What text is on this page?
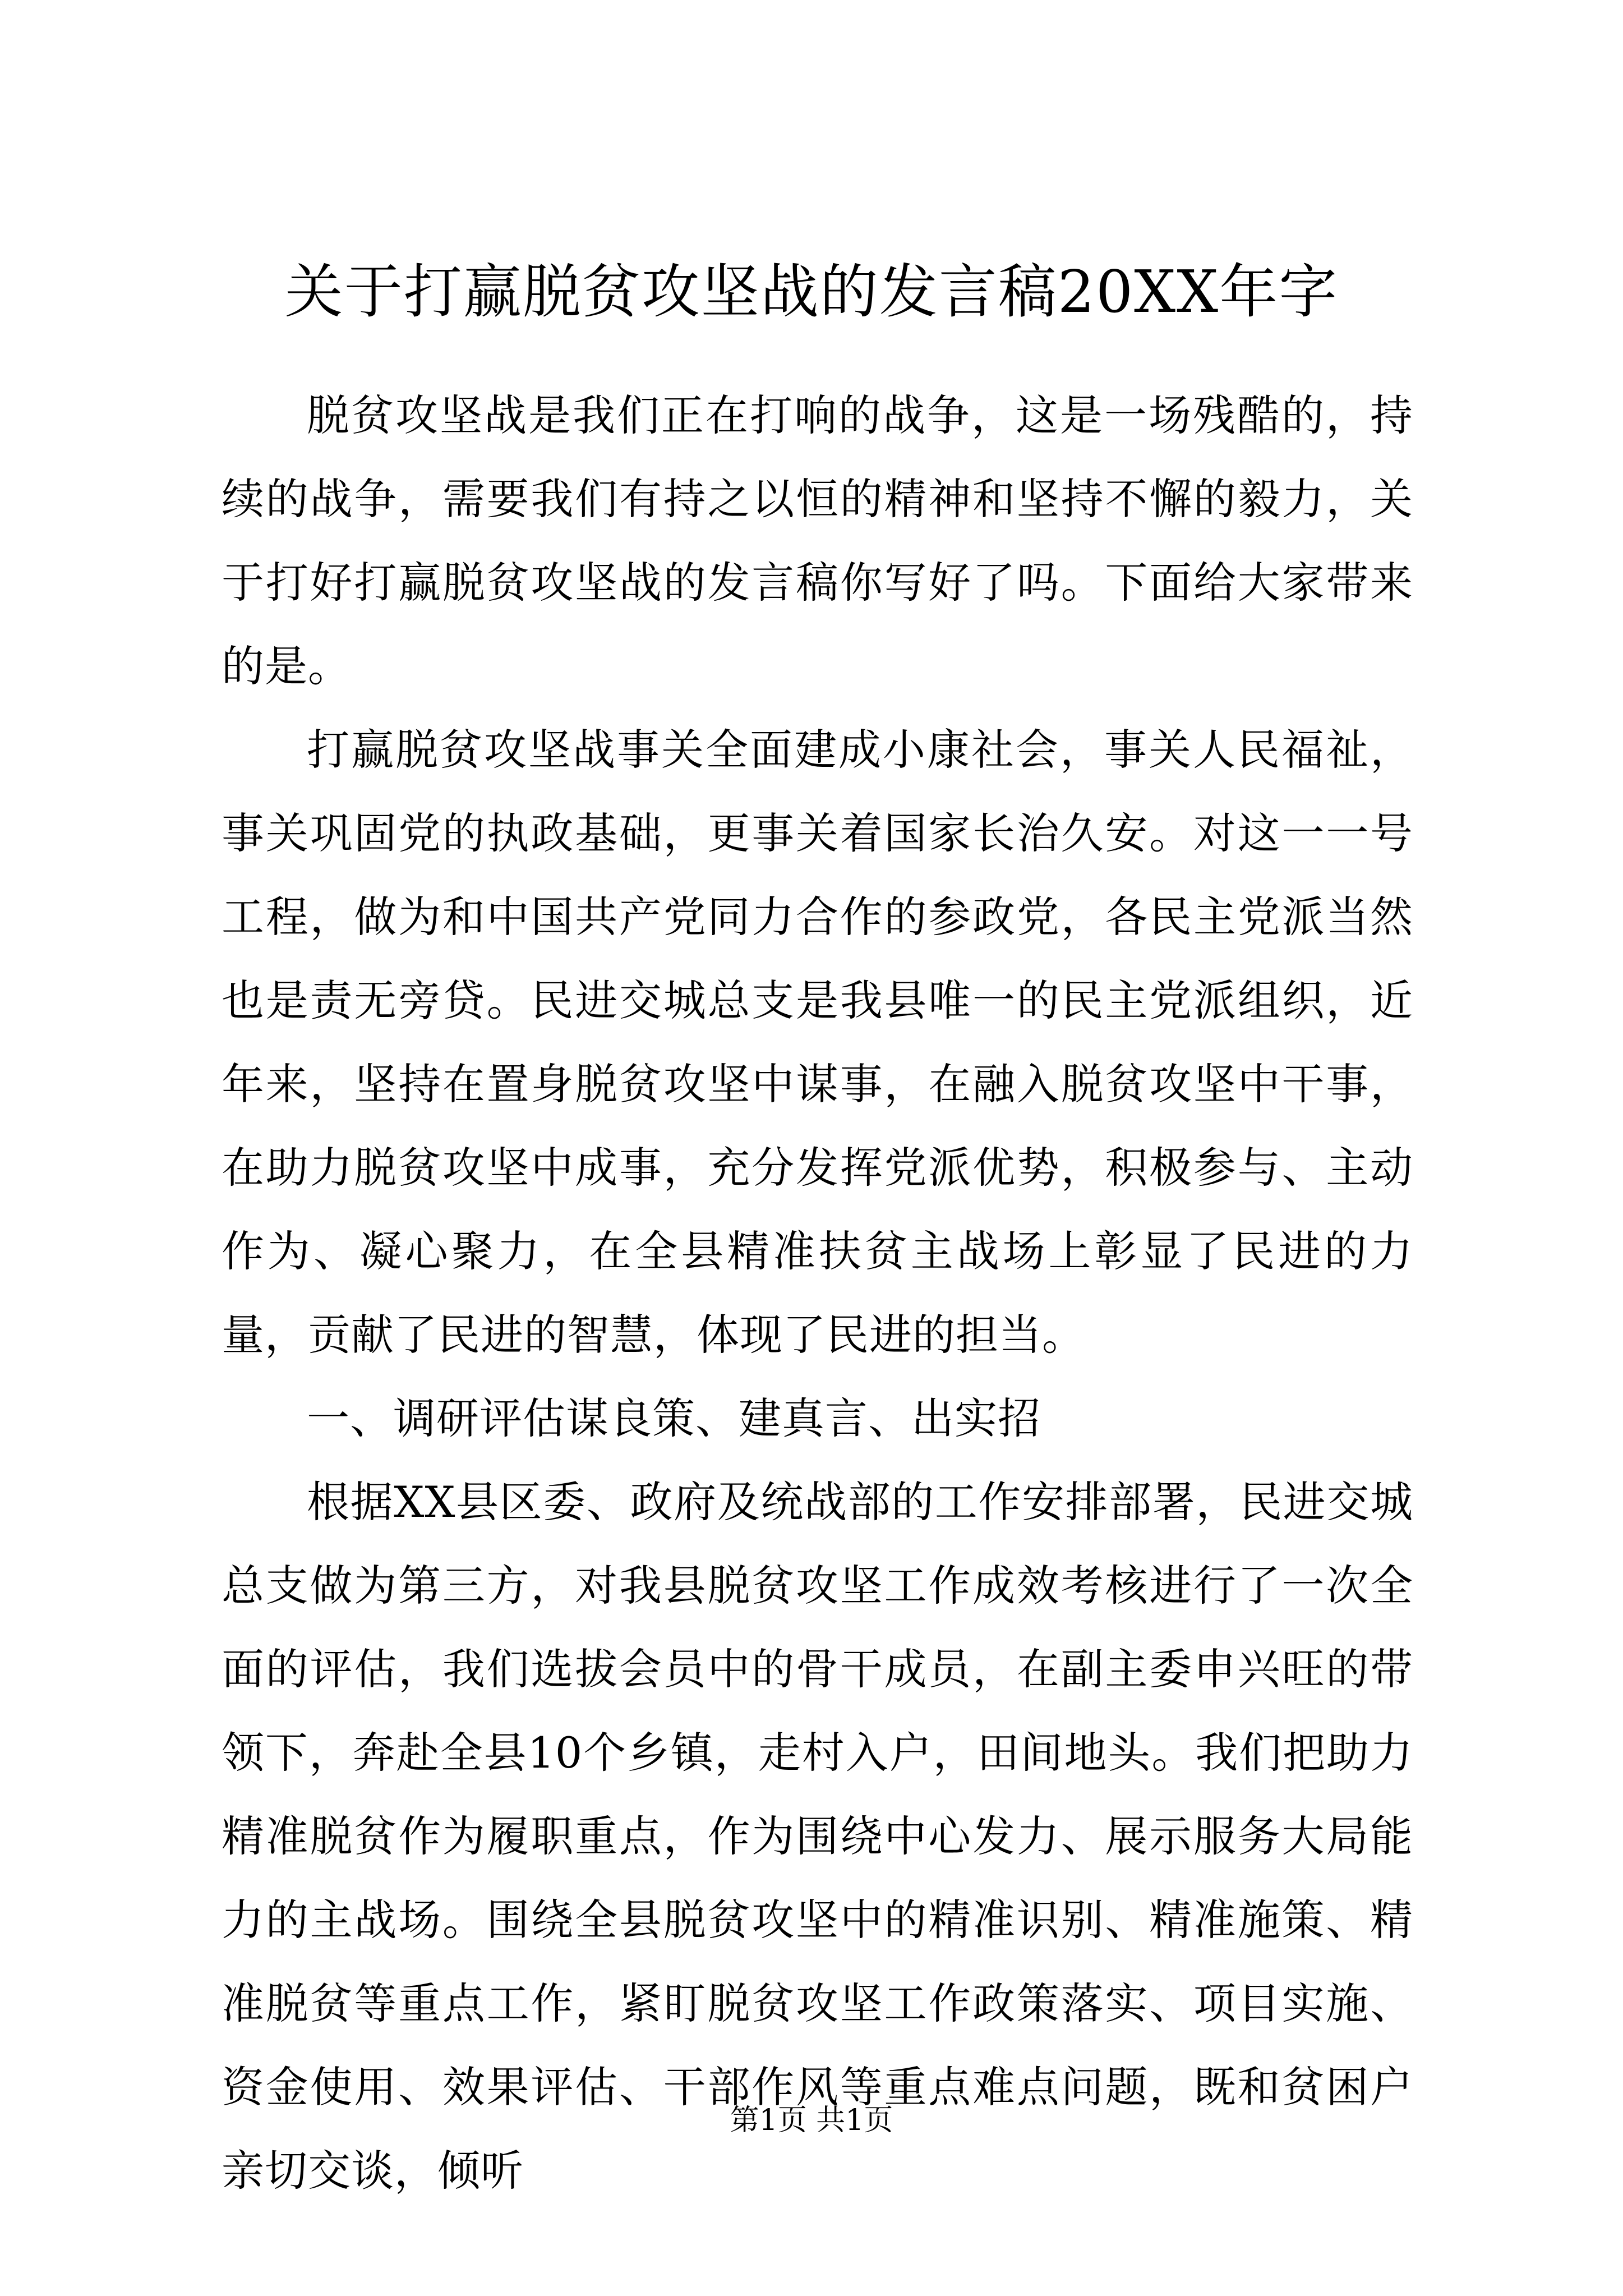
关于打赢脱贫攻坚战的发言稿20XX年字

脱贫攻坚战是我们正在打响的战争，这是一场残酷的，持续的战争，需要我们有持之以恒的精神和坚持不懈的毅力，关于打好打赢脱贫攻坚战的发言稿你写好了吗。下面给大家带来的是。

打赢脱贫攻坚战事关全面建成小康社会，事关人民福祉，事关巩固党的执政基础，更事关着国家长治久安。对这一一号工程，做为和中国共产党同力合作的参政党，各民主党派当然也是责无旁贷。民进交城总支是我县唯一的民主党派组织，近年来，坚持在置身脱贫攻坚中谋事，在融入脱贫攻坚中干事，在助力脱贫攻坚中成事，充分发挥党派优势，积极参与、主动作为、凝心聚力，在全县精准扶贫主战场上彰显了民进的力量，贡献了民进的智慧，体现了民进的担当。

一、调研评估谋良策、建真言、出实招

根据XX县区委、政府及统战部的工作安排部署，民进交城总支做为第三方，对我县脱贫攻坚工作成效考核进行了一次全面的评估，我们选拔会员中的骨干成员，在副主委申兴旺的带领下，奔赴全县10个乡镇，走村入户，田间地头。我们把助力精准脱贫作为履职重点，作为围绕中心发力、展示服务大局能力的主战场。围绕全县脱贫攻坚中的精准识别、精准施策、精准脱贫等重点工作，紧盯脱贫攻坚工作政策落实、项目实施、资金使用、效果评估、干部作风等重点难点问题，既和贫困户亲切交谈，倾听

第1页 共1页
